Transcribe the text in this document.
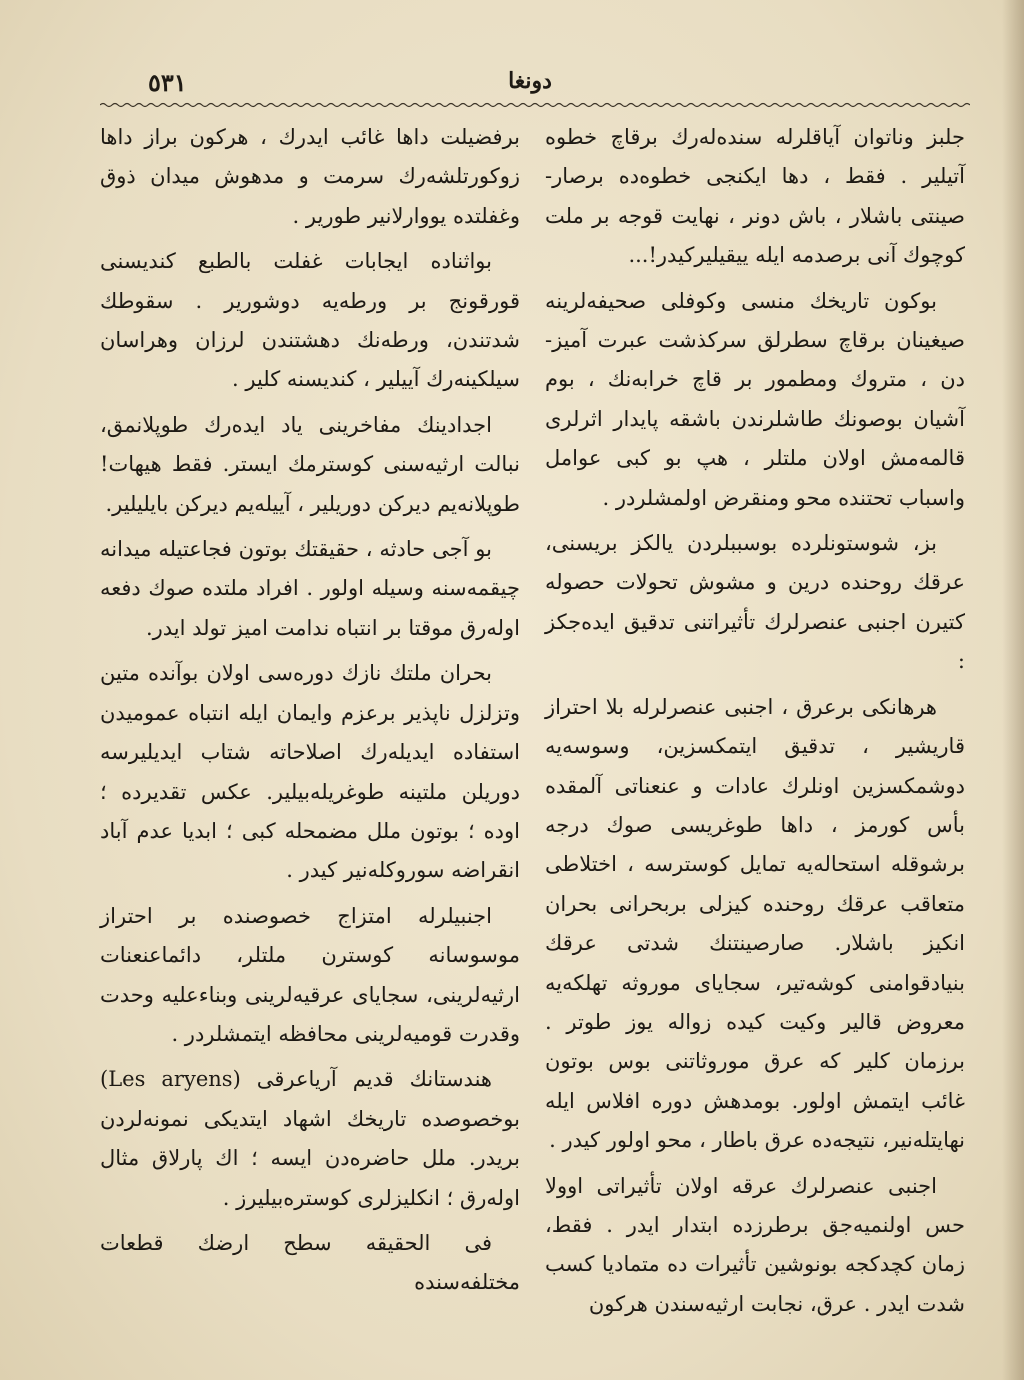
٥٣١	دونغا

جلبز وناتوان آياقلرله سندەلەرك برقاچ خطوه آتيلير . فقط ، دها ايكنجى خطوەده برصار- صينتى باشلار ، باش دونر ، نهايت قوجه بر ملت كوچوك آنى برصدمه ايله ييقيليركيدر!...

بوكون تاريخك منسى وكوفلى صحيفەلرينه صيغينان برقاچ سطرلق سركذشت عبرت آميز- دن ، متروك ومطمور بر قاچ خرابەنك ، بوم آشيان بوصونك طاشلرندن باشقه پايدار اثرلرى قالمەمش اولان ملتلر ، هپ بو كبى عوامل واسباب تحتنده محو ومنقرض اولمشلردر .

بز، شوستونلرده بوسببلردن يالكز بريسنى، عرقك روحنده درين و مشوش تحولات حصوله كتيرن اجنبى عنصرلرك تأثيراتنى تدقيق ايدەجكز :

هرهانكى برعرق ، اجنبى عنصرلرله بلا احتراز قاريشير ، تدقيق ايتمكسزين، وسوسەيه دوشمكسزين اونلرك عادات و عنعناتى آلمقده بأس كورمز ، داها طوغريسى صوك درجه برشوقله استحالەيه تمايل كوسترسه ، اختلاطى متعاقب عرقك روحنده كيزلى بربحرانى بحران انكيز باشلار. صارصينتنك شدتى عرقك بنيادقوامنى كوشەتير، سجاياى موروثه تهلكەيه معروض قالير وكيت كيده زواله يوز طوتر . برزمان كلير كه عرق موروثاتنى بوس بوتون غائب ايتمش اولور. بومدهش دوره افلاس ايله نهايتلەنير، نتيجەده عرق باطار ، محو اولور كيدر .

اجنبى عنصرلرك عرقه اولان تأثيراتى اوولا حس اولنميەجق برطرزده ابتدار ايدر . فقط، زمان كچدكجه بونوشين تأثيرات ده متماديا كسب شدت ايدر . عرق، نجابت ارثيەسندن هركون

برفضيلت داها غائب ايدرك ، هركون براز داها زوكورتلشەرك سرمت و مدهوش ميدان ذوق وغفلتده يووارلانير طورير .

بواثناده ايجابات غفلت بالطبع كنديسنى قورقونج بر ورطەيه دوشورير . سقوطك شدتندن، ورطەنك دهشتندن لرزان وهراسان سيلكينەرك آييلير ، كنديسنه كلير .

اجدادينك مفاخرينى ياد ايدەرك طوپلانمق، نبالت ارثيەسنى كوسترمك ايستر. فقط هيهات! طوپلانەيم ديركن دوريلير ، آييلەيم ديركن بايليلير.

بو آجى حادثه ، حقيقتك بوتون فجاعتيله ميدانه چيقمەسنه وسيله اولور . افراد ملتده صوك دفعه اولەرق موقتا بر انتباه ندامت اميز تولد ايدر.

بحران ملتك نازك دورەسى اولان بوآنده متين وتزلزل ناپذير برعزم وايمان ايله انتباه عموميدن استفاده ايديلەرك اصلاحاته شتاب ايديليرسه دوريلن ملتينه طوغريلەبيلير. عكس تقديرده ؛ اوده ؛ بوتون ملل مضمحله كبى ؛ ابديا عدم آباد انقراضه سوروكلەنير كيدر .

اجنبيلرله امتزاج خصوصنده بر احتراز موسوسانه كوسترن ملتلر، دائماعنعنات ارثيەلرينى، سجاياى عرقيەلرينى وبناءعليه وحدت وقدرت قوميەلرينى محافظه ايتمشلردر .

هندستانك قديم آرياعرقى (Les aryens) بوخصوصده تاريخك اشهاد ايتديكى نمونەلردن بريدر. ملل حاضرەدن ايسه ؛ اك پارلاق مثال اولەرق ؛ انكليزلرى كوسترەبيليرز .

فى الحقيقه سطح ارضك قطعات مختلفەسنده
